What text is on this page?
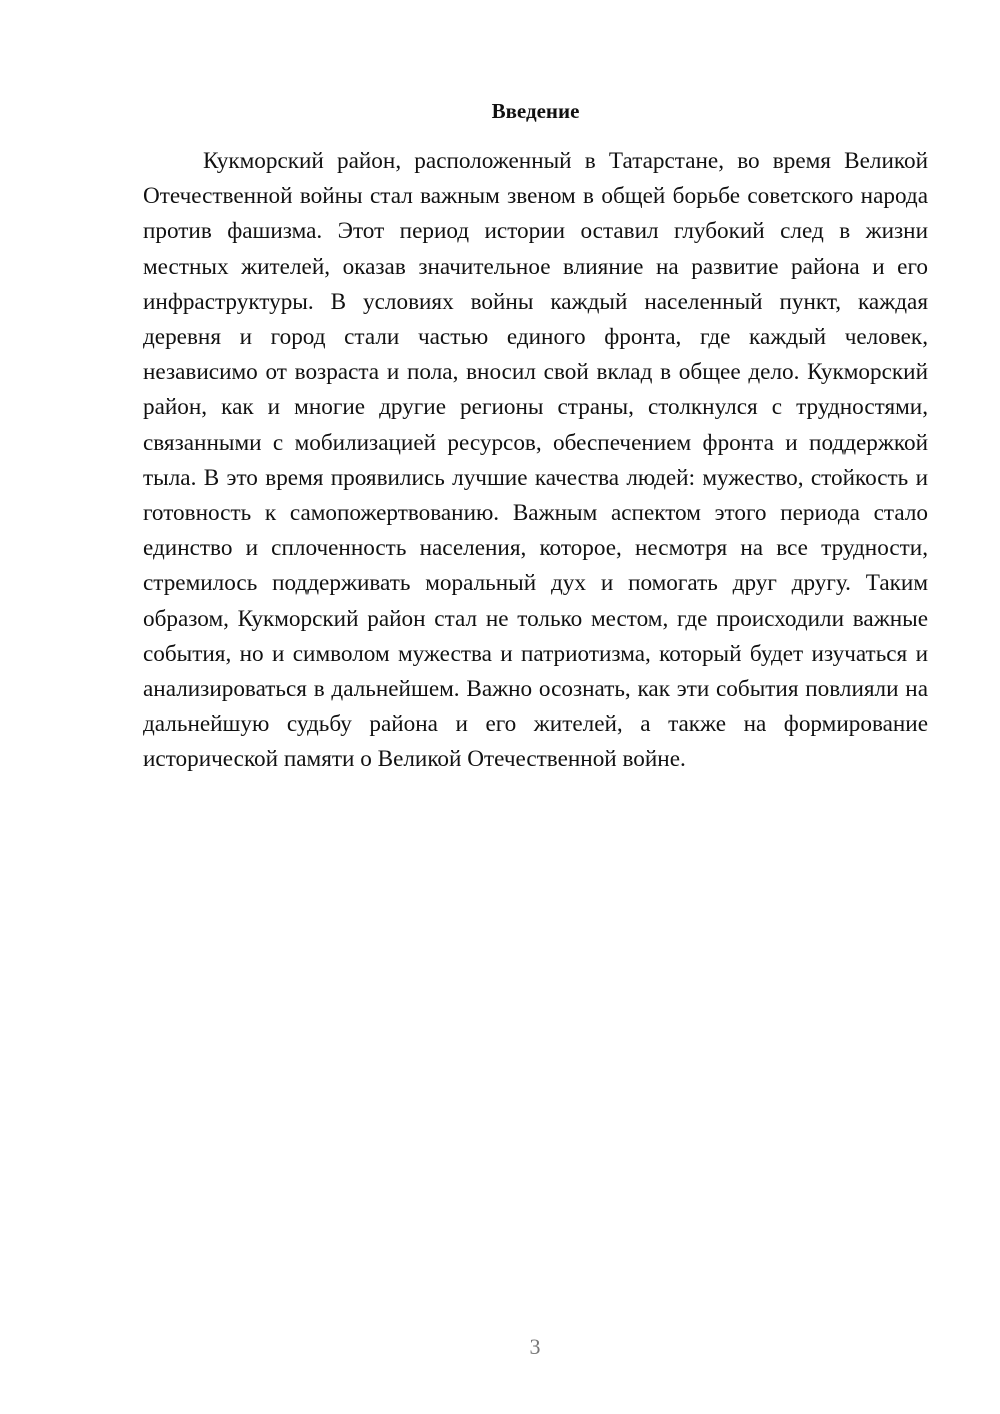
Введение

Кукморский район, расположенный в Татарстане, во время Великой Отечественной войны стал важным звеном в общей борьбе советского народа против фашизма. Этот период истории оставил глубокий след в жизни местных жителей, оказав значительное влияние на развитие района и его инфраструктуры. В условиях войны каждый населенный пункт, каждая деревня и город стали частью единого фронта, где каждый человек, независимо от возраста и пола, вносил свой вклад в общее дело. Кукморский район, как и многие другие регионы страны, столкнулся с трудностями, связанными с мобилизацией ресурсов, обеспечением фронта и поддержкой тыла. В это время проявились лучшие качества людей: мужество, стойкость и готовность к самопожертвованию. Важным аспектом этого периода стало единство и сплоченность населения, которое, несмотря на все трудности, стремилось поддерживать моральный дух и помогать друг другу. Таким образом, Кукморский район стал не только местом, где происходили важные события, но и символом мужества и патриотизма, который будет изучаться и анализироваться в дальнейшем. Важно осознать, как эти события повлияли на дальнейшую судьбу района и его жителей, а также на формирование исторической памяти о Великой Отечественной войне.

3
